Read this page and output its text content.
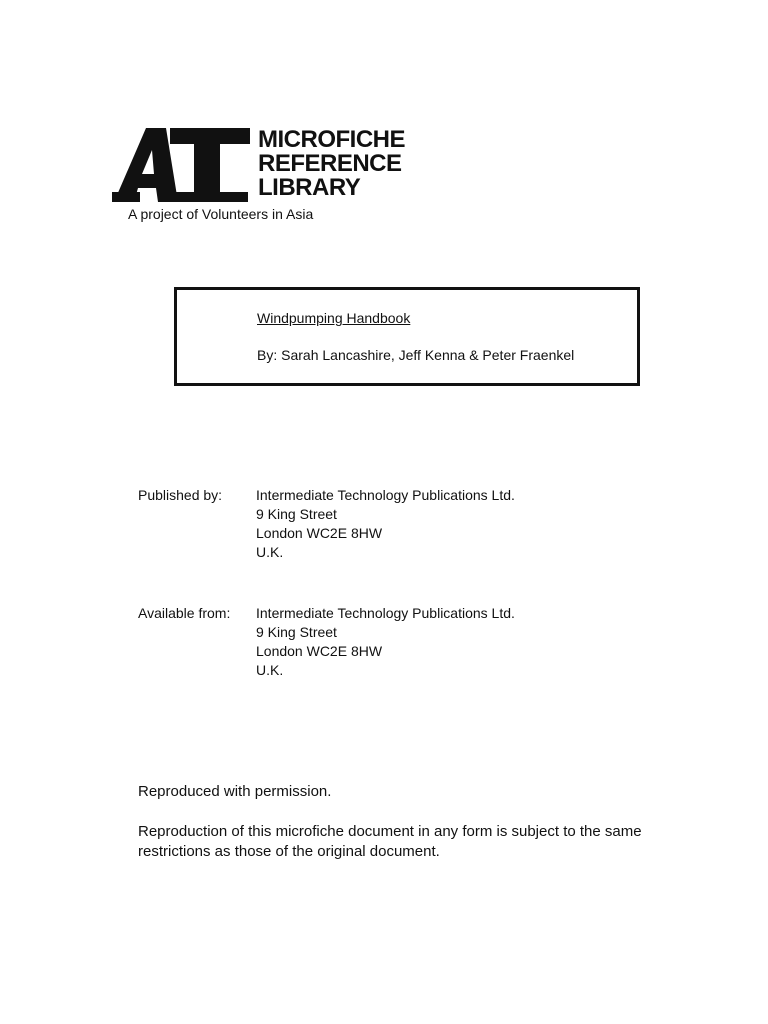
MICROFICHE
REFERENCE
LIBRARY
A project of Volunteers in Asia
Windpumping Handbook
By: Sarah Lancashire, Jeff Kenna & Peter Fraenkel
Published by: Intermediate Technology Publications Ltd.
9 King Street
London WC2E 8HW
U.K.
Available from: Intermediate Technology Publications Ltd.
9 King Street
London WC2E 8HW
U.K.
Reproduced with permission.
Reproduction of this microfiche document in any form is subject to the same
restrictions as those of the original document.
